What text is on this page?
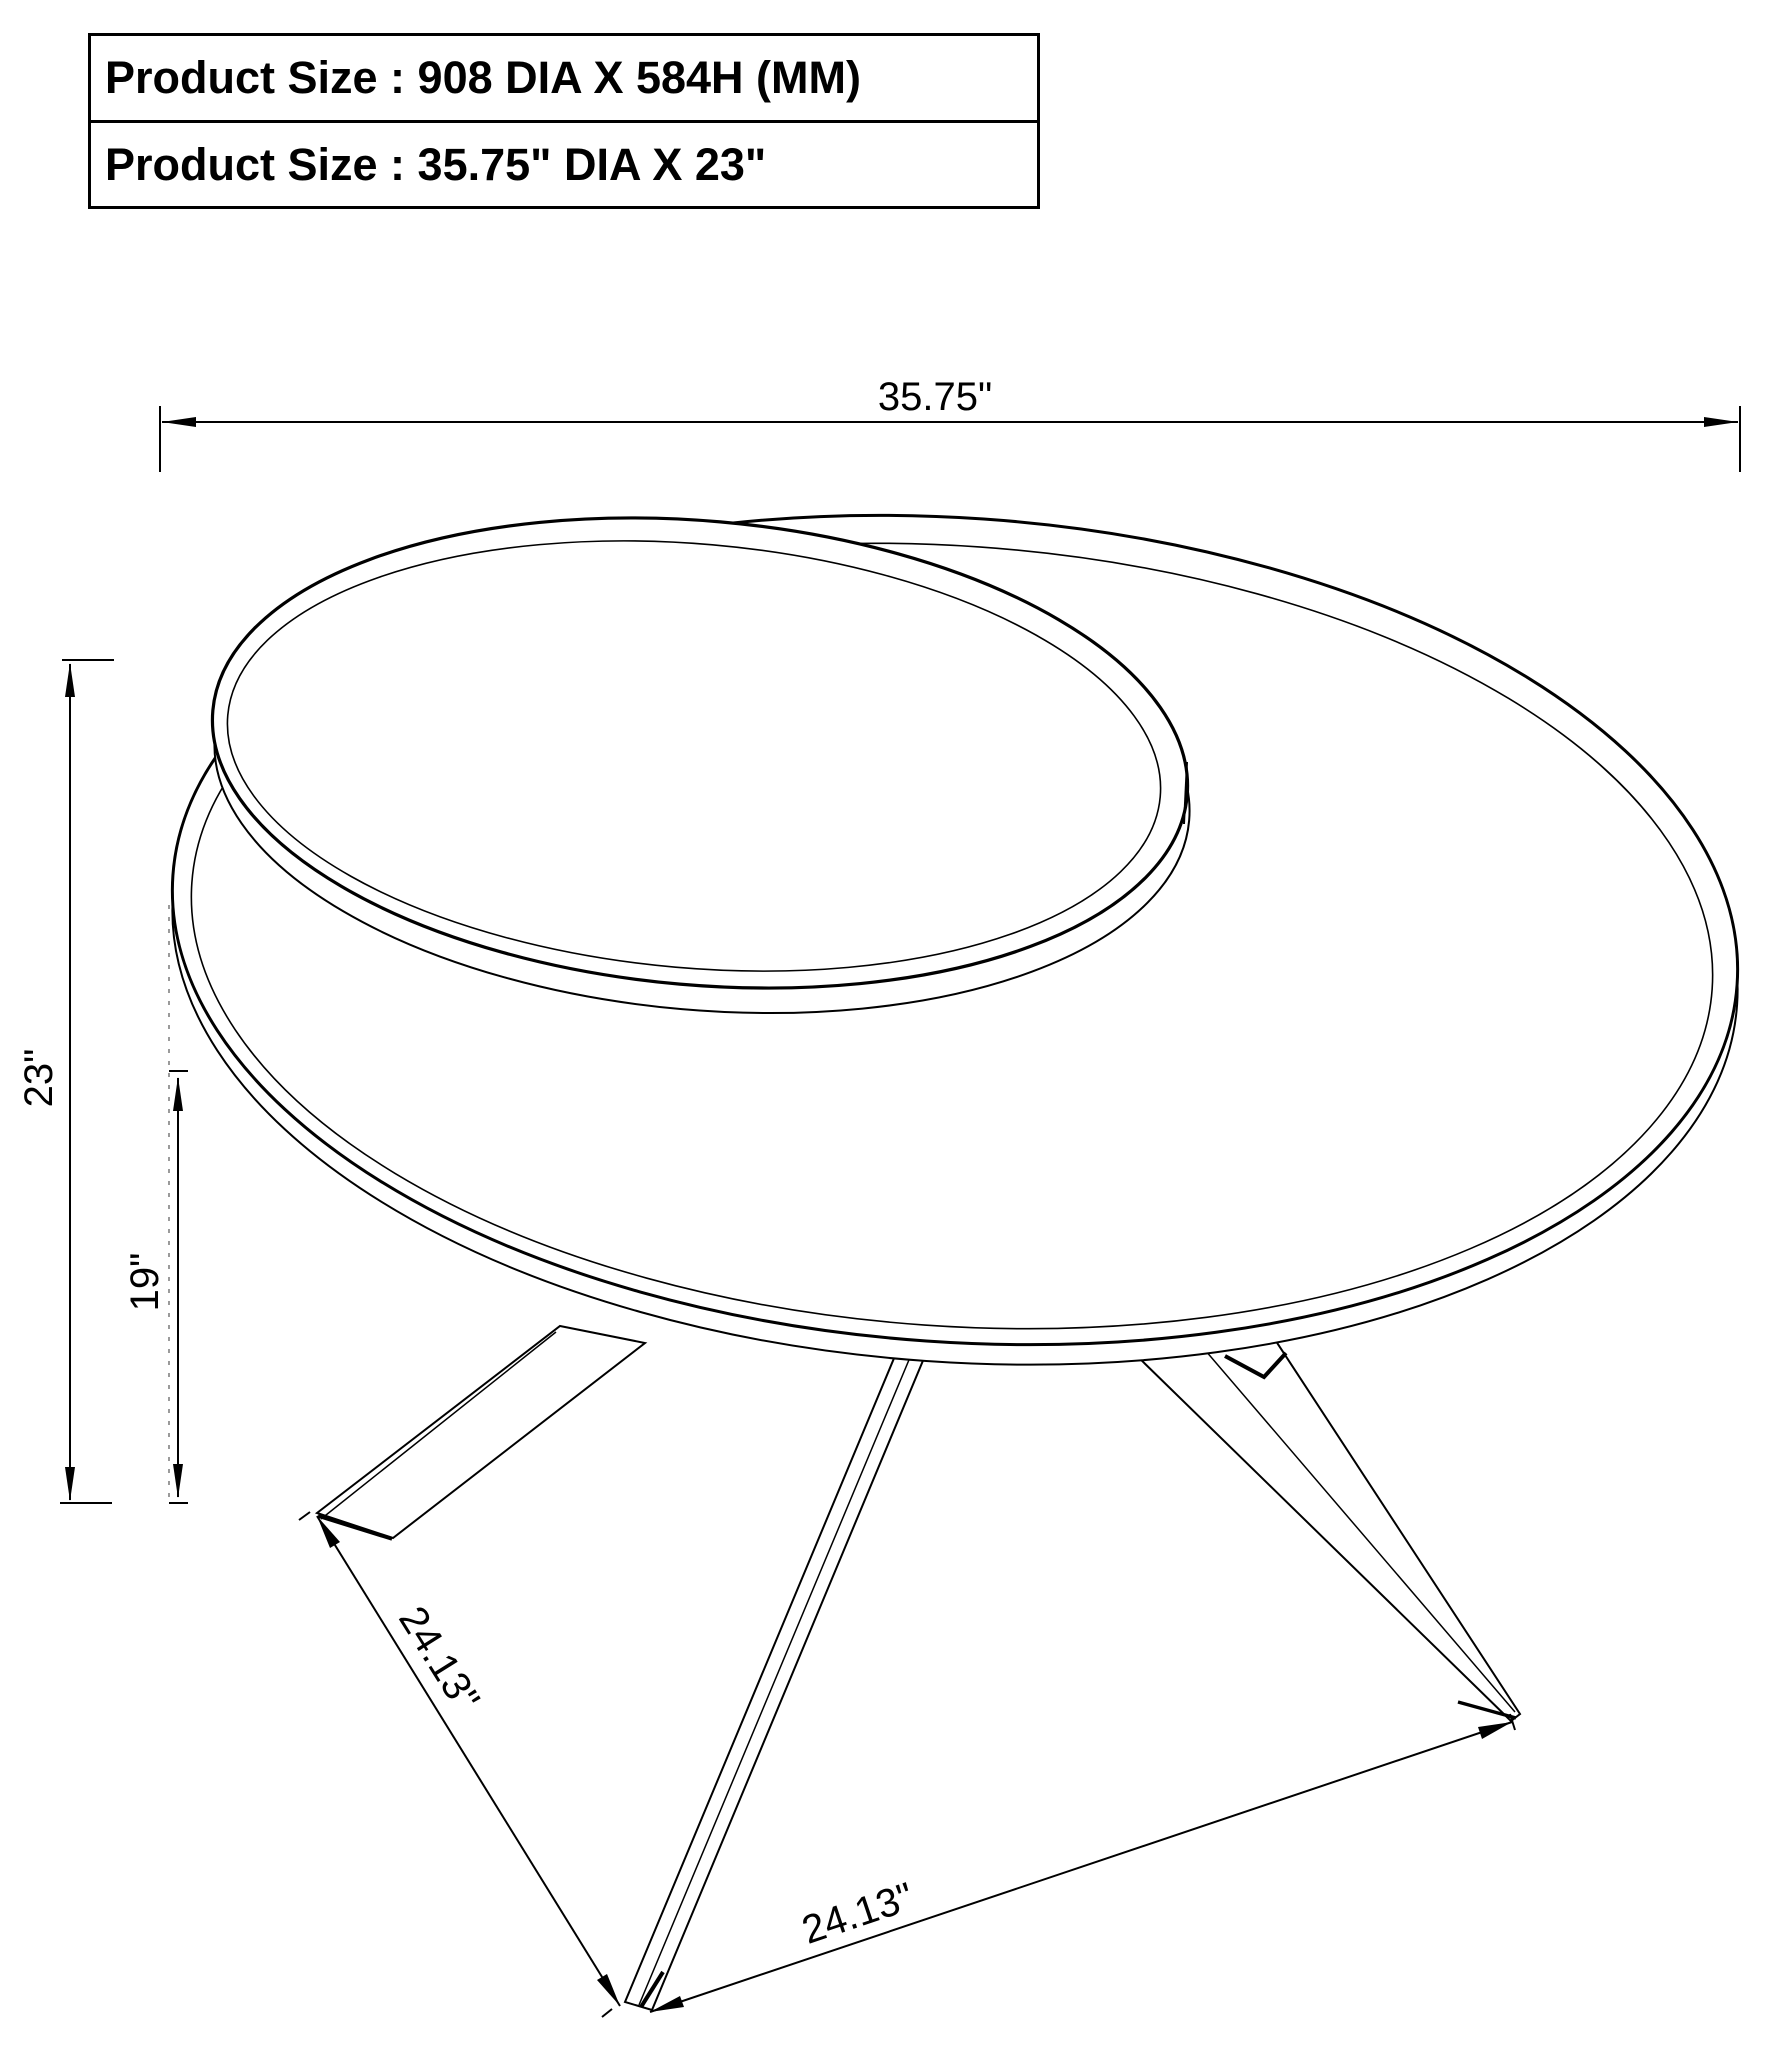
35.75"
23"
19"
24.13"
24.13"
Product Size : 908 DIA X 584H (MM)
Product Size : 35.75" DIA X 23"
